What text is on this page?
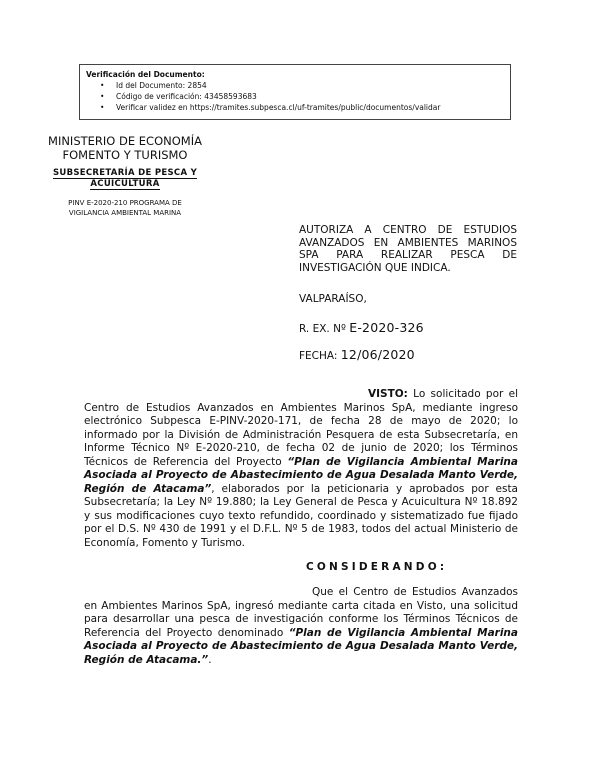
Verificación del Documento:

• Id del Documento: 2854
• Código de verificación: 43458593683
• Verificar validez en https://tramites.subpesca.cl/uf-tramites/public/documentos/validar
MINISTERIO DE ECONOMÍA
FOMENTO Y TURISMO
SUBSECRETARÍA DE PESCA Y
ACUICULTURA
PINV E-2020-210 PROGRAMA DE
VIGILANCIA AMBIENTAL MARINA
AUTORIZA A CENTRO DE ESTUDIOS AVANZADOS EN AMBIENTES MARINOS SPA PARA REALIZAR PESCA DE INVESTIGACIÓN QUE INDICA.
VALPARAÍSO,
R. EX. Nº E-2020-326
FECHA: 12/06/2020
VISTO: Lo solicitado por el Centro de Estudios Avanzados en Ambientes Marinos SpA, mediante ingreso electrónico Subpesca E-PINV-2020-171, de fecha 28 de mayo de 2020; lo informado por la División de Administración Pesquera de esta Subsecretaría, en Informe Técnico Nº E-2020-210, de fecha 02 de junio de 2020; los Términos Técnicos de Referencia del Proyecto “Plan de Vigilancia Ambiental Marina Asociada al Proyecto de Abastecimiento de Agua Desalada Manto Verde, Región de Atacama”, elaborados por la peticionaria y aprobados por esta Subsecretaría; la Ley Nº 19.880; la Ley General de Pesca y Acuicultura Nº 18.892 y sus modificaciones cuyo texto refundido, coordinado y sistematizado fue fijado por el D.S. Nº 430 de 1991 y el D.F.L. Nº 5 de 1983, todos del actual Ministerio de Economía, Fomento y Turismo.
CONSIDERANDO:
Que el Centro de Estudios Avanzados en Ambientes Marinos SpA, ingresó mediante carta citada en Visto, una solicitud para desarrollar una pesca de investigación conforme los Términos Técnicos de Referencia del Proyecto denominado “Plan de Vigilancia Ambiental Marina Asociada al Proyecto de Abastecimiento de Agua Desalada Manto Verde, Región de Atacama.”.
